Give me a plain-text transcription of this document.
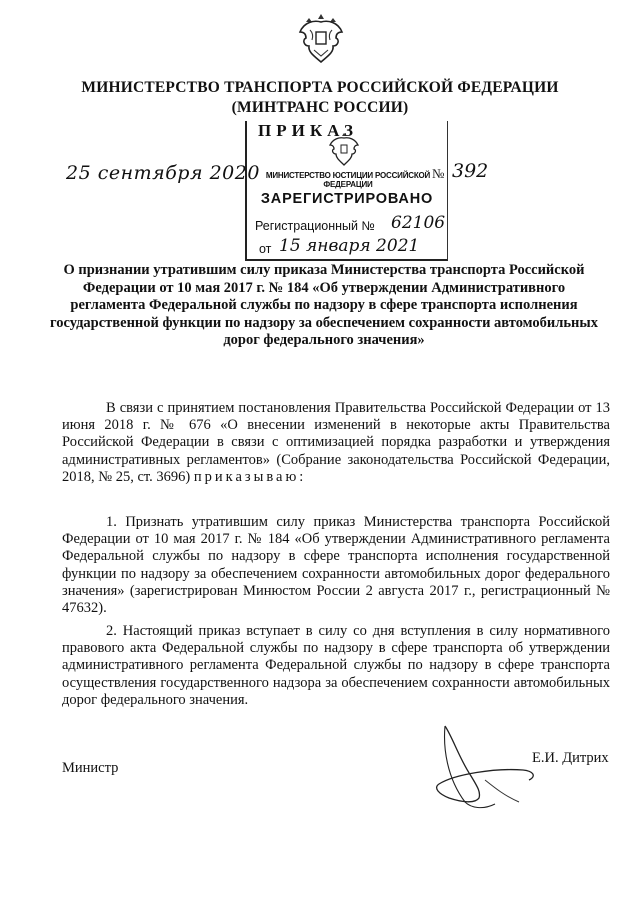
МИНИСТЕРСТВО ТРАНСПОРТА РОССИЙСКОЙ ФЕДЕРАЦИИ
(МИНТРАНС РОССИИ)
МИНИСТЕРСТВО ЮСТИЦИИ РОССИЙСКОЙ ФЕДЕРАЦИИ
ЗАРЕГИСТРИРОВАНО
Регистрационный № 62106
от 15 января 2021
ПРИКАЗ
25 сентября 2020	№ 392
О признании утратившим силу приказа Министерства транспорта Российской Федерации от 10 мая 2017 г. № 184 «Об утверждении Административного регламента Федеральной службы по надзору в сфере транспорта исполнения государственной функции по надзору за обеспечением сохранности автомобильных дорог федерального значения»
В связи с принятием постановления Правительства Российской Федерации от 13 июня 2018 г. № 676 «О внесении изменений в некоторые акты Правительства Российской Федерации в связи с оптимизацией порядка разработки и утверждения административных регламентов» (Собрание законодательства Российской Федерации, 2018, № 25, ст. 3696) приказываю:
1. Признать утратившим силу приказ Министерства транспорта Российской Федерации от 10 мая 2017 г. № 184 «Об утверждении Административного регламента Федеральной службы по надзору в сфере транспорта исполнения государственной функции по надзору за обеспечением сохранности автомобильных дорог федерального значения» (зарегистрирован Минюстом России 2 августа 2017 г., регистрационный № 47632).
2. Настоящий приказ вступает в силу со дня вступления в силу нормативного правового акта Федеральной службы по надзору в сфере транспорта об утверждении административного регламента Федеральной службы по надзору в сфере транспорта осуществления государственного надзора за обеспечением сохранности автомобильных дорог федерального значения.
Министр
Е.И. Дитрих
